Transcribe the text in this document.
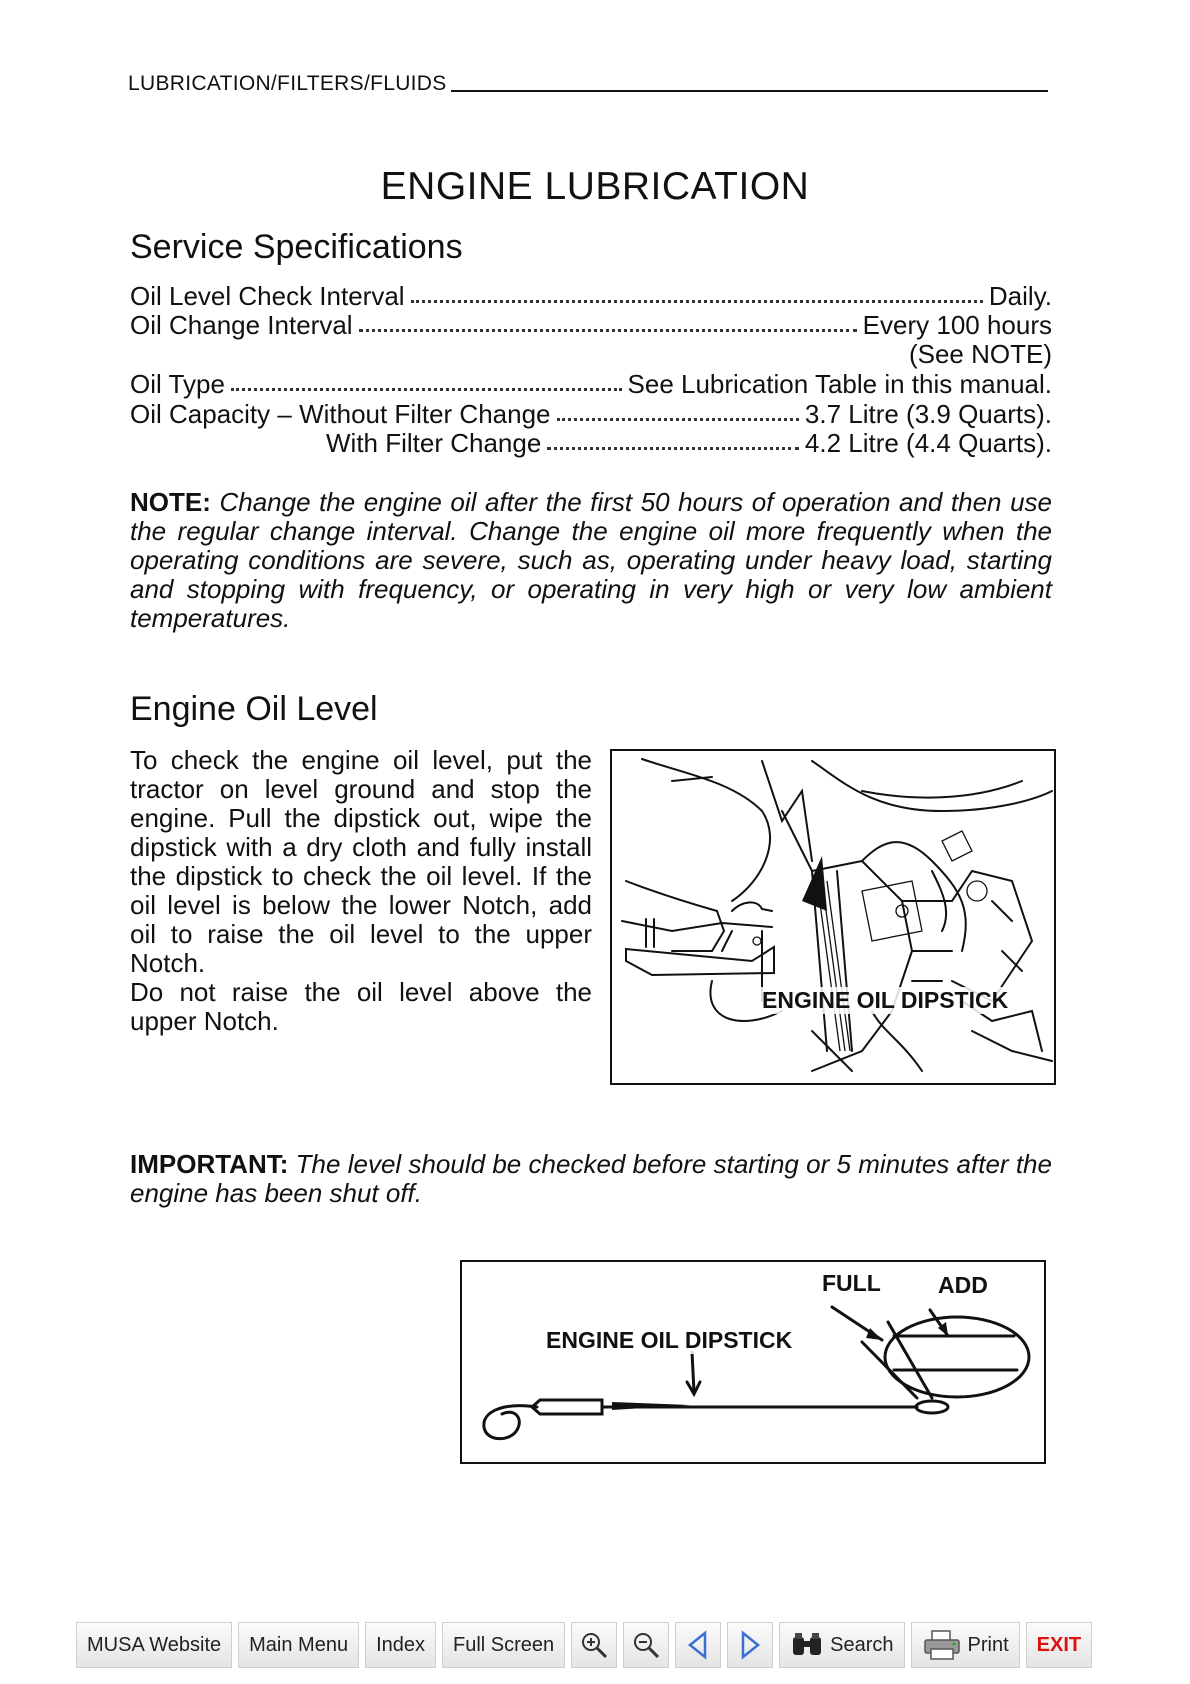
LUBRICATION/FILTERS/FLUIDS
ENGINE LUBRICATION
Service Specifications
Oil Level Check Interval	Daily.
Oil Change Interval	Every 100 hours
(See NOTE)
Oil Type	See Lubrication Table in this manual.
Oil Capacity – Without Filter Change	3.7 Litre (3.9 Quarts).
With Filter Change	4.2 Litre (4.4 Quarts).
NOTE: Change the engine oil after the first 50 hours of operation and then use the regular change interval. Change the engine oil more frequently when the operating conditions are severe, such as, operating under heavy load, starting and stopping with frequency, or operating in very high or very low ambient temperatures.
Engine Oil Level
To check the engine oil level, put the tractor on level ground and stop the engine. Pull the dipstick out, wipe the dipstick with a dry cloth and fully install the dipstick to check the oil level. If the oil level is below the lower Notch, add oil to raise the oil level to the upper Notch.
Do not raise the oil level above the upper Notch.
ENGINE OIL DIPSTICK
IMPORTANT: The level should be checked before starting or 5 minutes after the engine has been shut off.
ENGINE OIL DIPSTICK
FULL ADD
MUSA Website	Main Menu	Index	Full Screen	Search	Print	EXIT
